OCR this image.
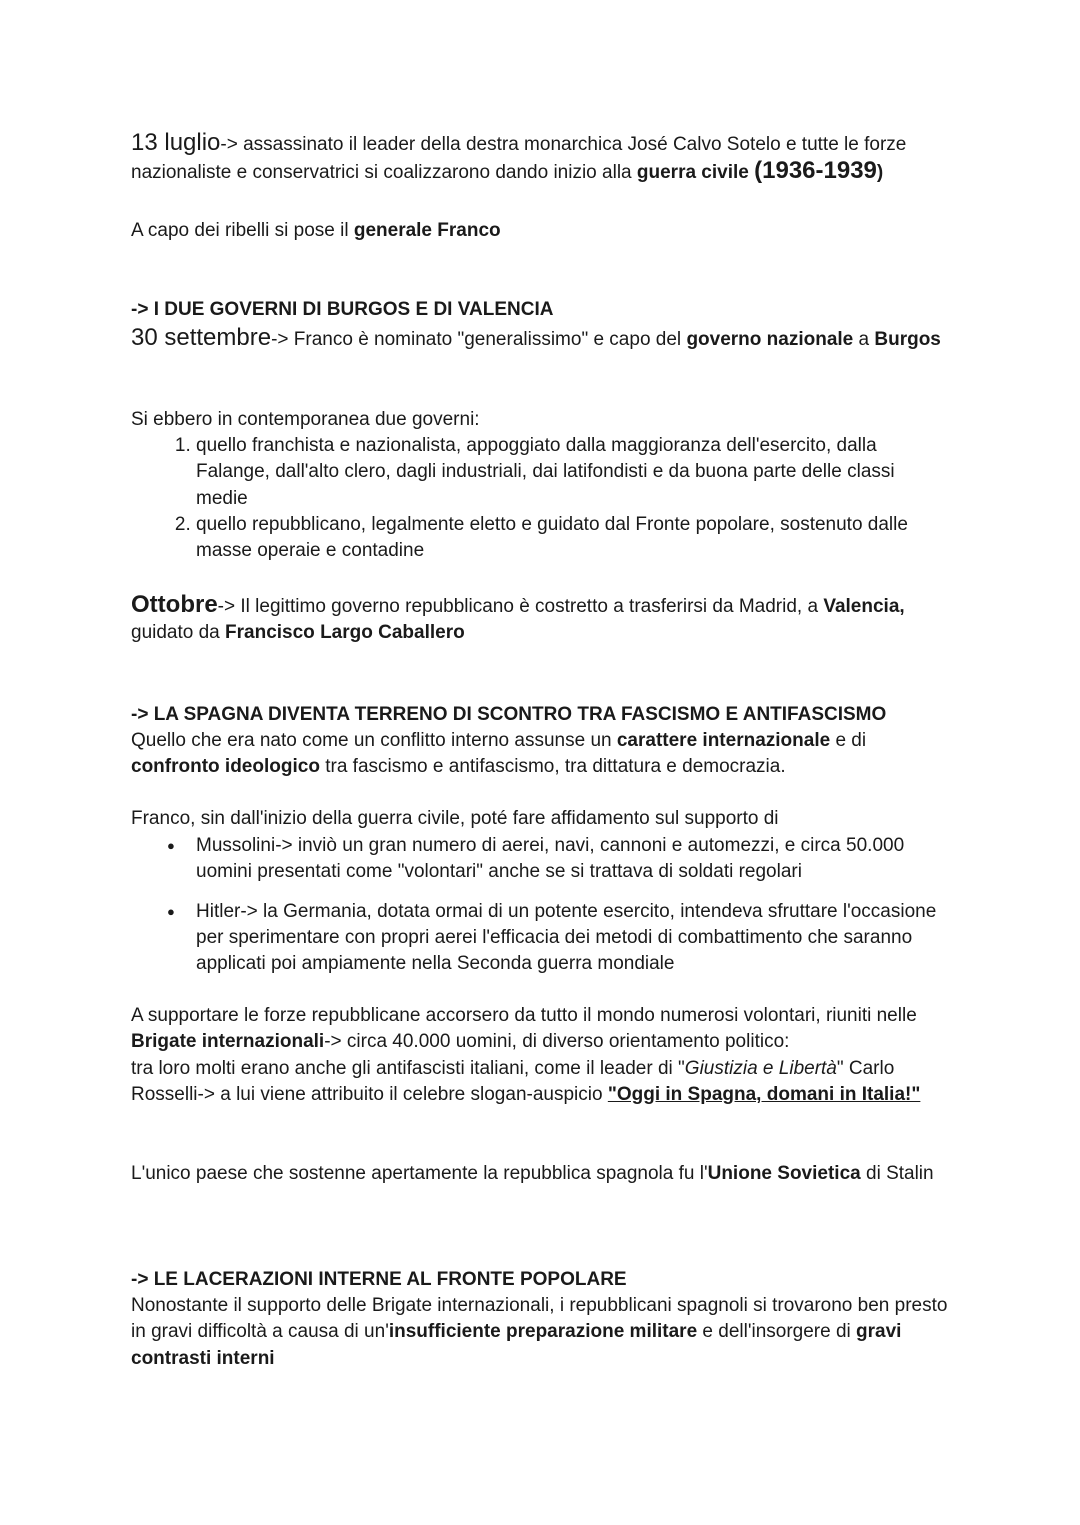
13 luglio-> assassinato il leader della destra monarchica José Calvo Sotelo e tutte le forze nazionaliste e conservatrici si coalizzarono dando inizio alla guerra civile (1936-1939)

A capo dei ribelli si pose il generale Franco

-> I DUE GOVERNI DI BURGOS E DI VALENCIA

30 settembre-> Franco è nominato "generalissimo" e capo del governo nazionale a Burgos

Si ebbero in contemporanea due governi:

1. quello franchista e nazionalista, appoggiato dalla maggioranza dell'esercito, dalla Falange, dall'alto clero, dagli industriali, dai latifondisti e da buona parte delle classi medie
2. quello repubblicano, legalmente eletto e guidato dal Fronte popolare, sostenuto dalle masse operaie e contadine

Ottobre-> Il legittimo governo repubblicano è costretto a trasferirsi da Madrid, a Valencia, guidato da Francisco Largo Caballero

-> LA SPAGNA DIVENTA TERRENO DI SCONTRO TRA FASCISMO E ANTIFASCISMO

Quello che era nato come un conflitto interno assunse un carattere internazionale e di confronto ideologico tra fascismo e antifascismo, tra dittatura e democrazia.

Franco, sin dall'inizio della guerra civile, poté fare affidamento sul supporto di

● Mussolini-> inviò un gran numero di aerei, navi, cannoni e automezzi, e circa 50.000 uomini presentati come "volontari" anche se si trattava di soldati regolari
● Hitler-> la Germania, dotata ormai di un potente esercito, intendeva sfruttare l'occasione per sperimentare con propri aerei l'efficacia dei metodi di combattimento che saranno applicati poi ampiamente nella Seconda guerra mondiale

A supportare le forze repubblicane accorsero da tutto il mondo numerosi volontari, riuniti nelle Brigate internazionali-> circa 40.000 uomini, di diverso orientamento politico:

tra loro molti erano anche gli antifascisti italiani, come il leader di "Giustizia e Libertà" Carlo Rosselli-> a lui viene attribuito il celebre slogan-auspicio "Oggi in Spagna, domani in Italia!"

L'unico paese che sostenne apertamente la repubblica spagnola fu l'Unione Sovietica di Stalin

-> LE LACERAZIONI INTERNE AL FRONTE POPOLARE

Nonostante il supporto delle Brigate internazionali, i repubblicani spagnoli si trovarono ben presto in gravi difficoltà a causa di un'insufficiente preparazione militare e dell'insorgere di gravi contrasti interni
